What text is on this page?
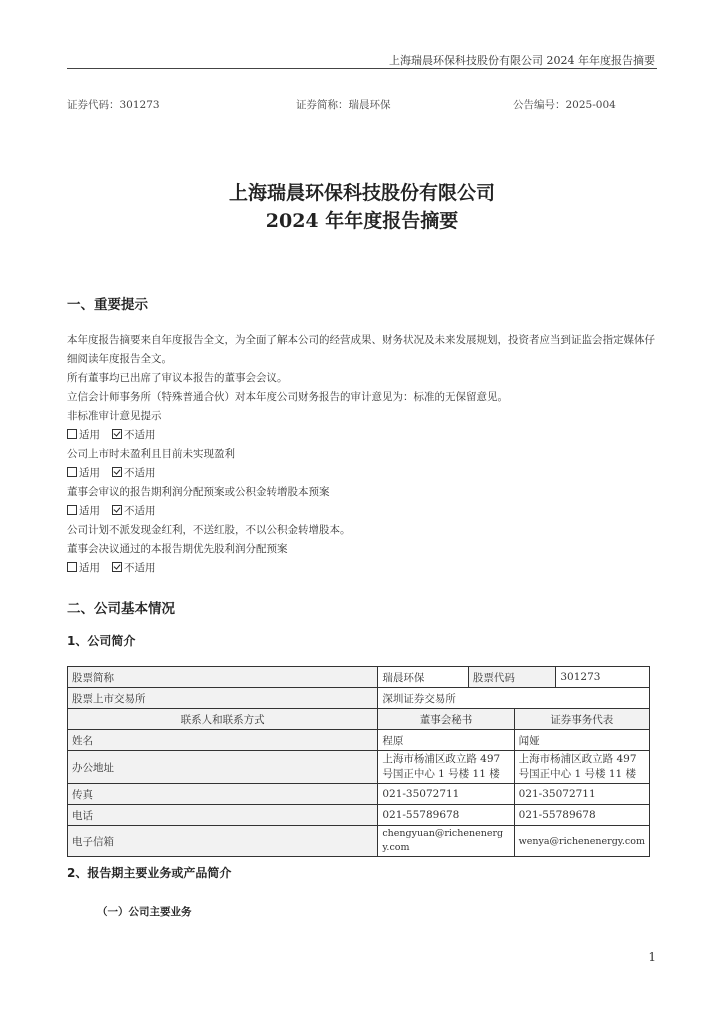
上海瑞晨环保科技股份有限公司 2024 年年度报告摘要
证券代码：301273	证券简称：瑞晨环保	公告编号：2025-004
上海瑞晨环保科技股份有限公司
2024 年年度报告摘要
一、重要提示

本年度报告摘要来自年度报告全文，为全面了解本公司的经营成果、财务状况及未来发展规划，投资者应当到证监会指定媒体仔细阅读年度报告全文。

所有董事均已出席了审议本报告的董事会会议。

立信会计师事务所（特殊普通合伙）对本年度公司财务报告的审计意见为：标准的无保留意见。

非标准审计意见提示

适用 不适用

公司上市时未盈利且目前未实现盈利

适用 不适用

董事会审议的报告期利润分配预案或公积金转增股本预案

适用 不适用

公司计划不派发现金红利，不送红股，不以公积金转增股本。

董事会决议通过的本报告期优先股利润分配预案

适用 不适用

二、公司基本情况
1、公司简介
股票简称	瑞晨环保	股票代码		301273
股票上市交易所	深圳证券交易所			
联系人和联系方式	董事会秘书		证券事务代表	
姓名	程原		闻娅	
办公地址	上海市杨浦区政立路 497 号国正中心 1 号楼 11 楼		上海市杨浦区政立路 497 号国正中心 1 号楼 11 楼	
传真	021-35072711		021-35072711	
电话	021-55789678		021-55789678	
电子信箱	chengyuan@richenenergy.com		wenya@richenenergy.com	
2、报告期主要业务或产品简介
（一）公司主要业务
1
